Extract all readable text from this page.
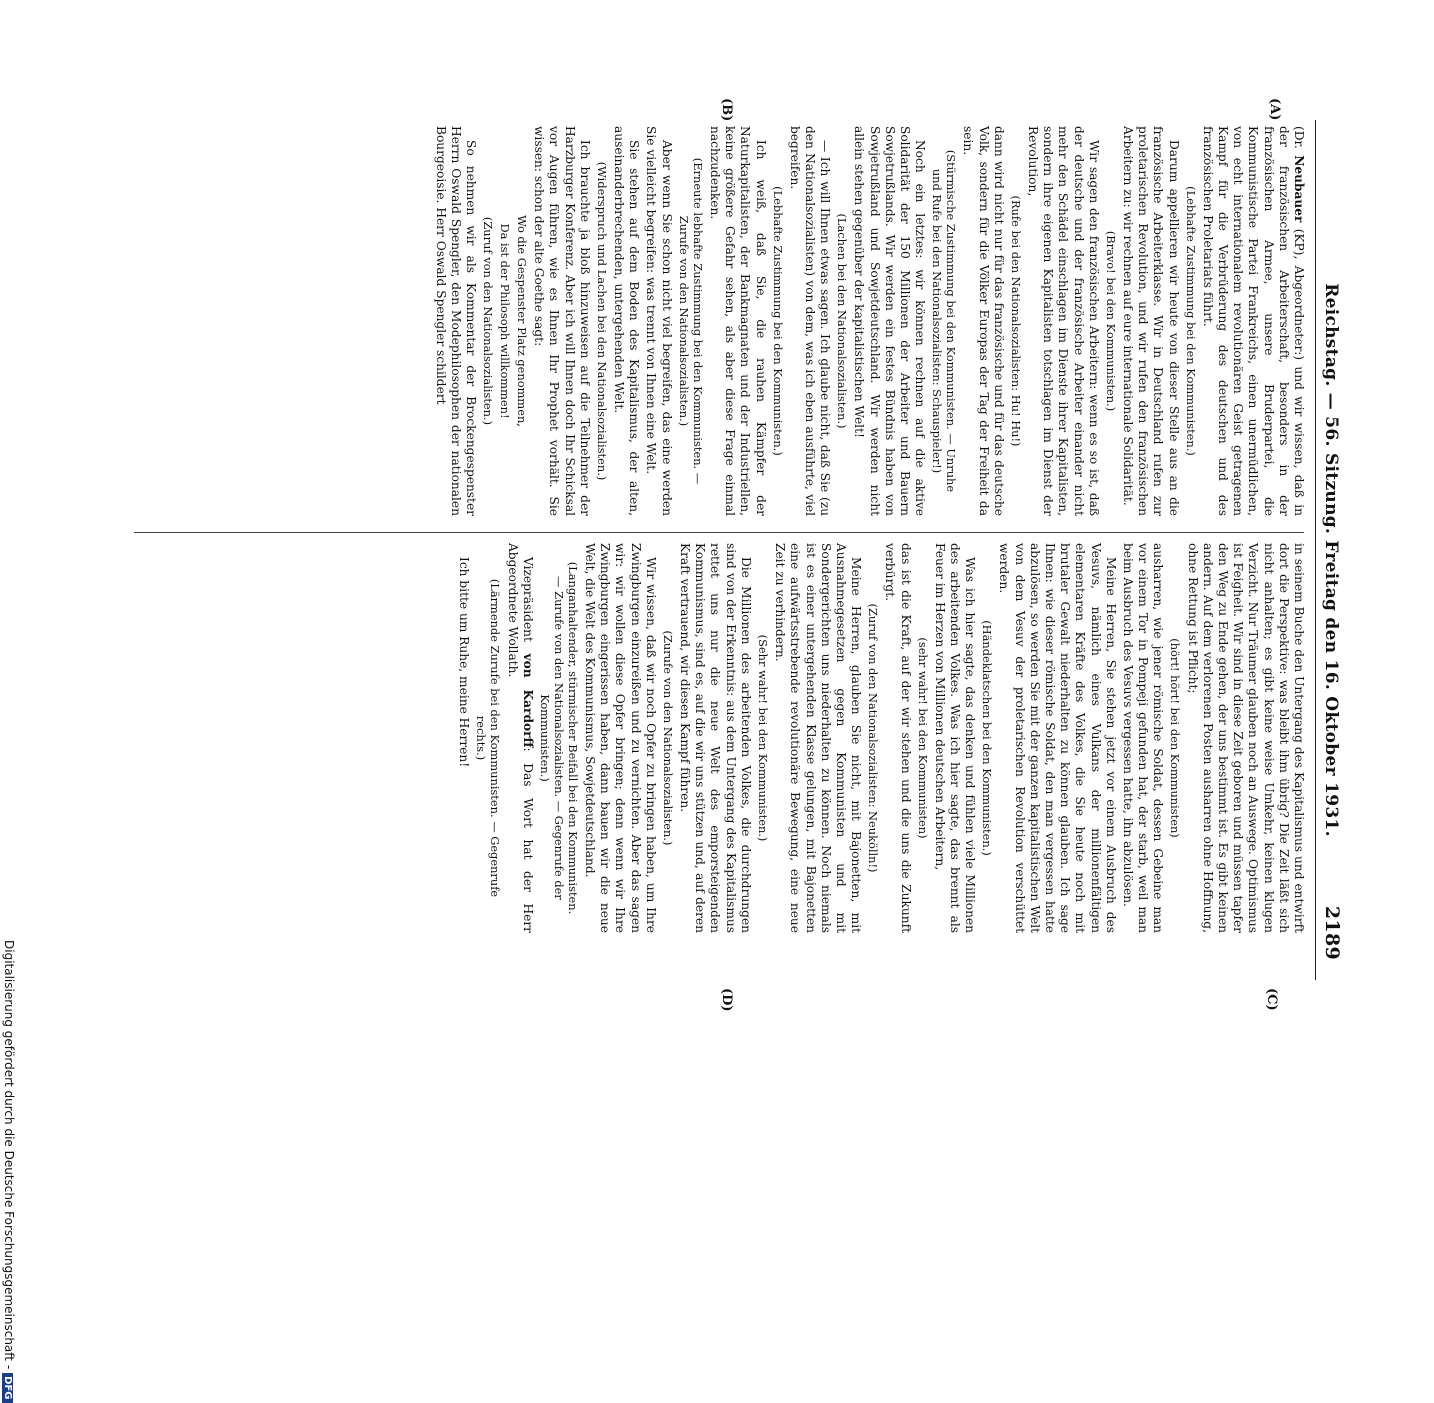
Reichstag. — 56. Sitzung. Freitag den 16. Oktober 1931.
2189
(A)
(B)
(C)
(D)

(Dr. Neubauer (KP), Abgeordneter:) und wir wissen, daß in der französischen Arbeiterschaft, besonders in der französischen Armee, unsere Bruderpartei, die Kommunistische Partei Frankreichs, einen unermüdlichen, von echt internationalem revolutionären Geist getragenen Kampf für die Verbrüderung des deutschen und des französischen Proletariats führt.

(Lebhafte Zustimmung bei den Kommunisten.)

Darum appellieren wir heute von dieser Stelle aus an die französische Arbeiterklasse. Wir in Deutschland rufen zur proletarischen Revolution, und wir rufen den französischen Arbeitern zu: wir rechnen auf eure internationale Solidarität.

(Bravo! bei den Kommunisten.)

Wir sagen den französischen Arbeitern: wenn es so ist, daß der deutsche und der französische Arbeiter einander nicht mehr den Schädel einschlagen im Dienste ihrer Kapitalisten, sondern ihre eigenen Kapitalisten totschlagen im Dienst der Revolution,

(Rufe bei den Nationalsozialisten: Hu! Hu!)

dann wird nicht nur für das französische und für das deutsche Volk, sondern für die Völker Europas der Tag der Freiheit da sein.

(Stürmische Zustimmung bei den Kommunisten. — Unruhe und Rufe bei den Nationalsozialisten: Schauspieler!)

Noch ein letztes: wir können rechnen auf die aktive Solidarität der 150 Millionen der Arbeiter und Bauern Sowjetrußlands. Wir werden ein festes Bündnis haben von Sowjetrußland und Sowjetdeutschland. Wir werden nicht allein stehen gegenüber der kapitalistischen Welt!

(Lachen bei den Nationalsozialisten.)

— Ich will Ihnen etwas sagen. Ich glaube nicht, daß Sie (zu den Nationalsozialisten) von dem, was ich eben ausführte, viel begreifen.

(Lebhafte Zustimmung bei den Kommunisten.)

Ich weiß, daß Sie, die rauhen Kämpfer der Naturkapitalisten, der Bankmagnaten und der Industriellen, keine größere Gefahr sehen, als aber diese Frage einmal nachzudenken.

(Erneute lebhafte Zustimmung bei den Kommunisten. — Zurufe von den Nationalsozialisten.)

Aber wenn Sie schon nicht viel begreifen, das eine werden Sie vielleicht begreifen: was trennt von Ihnen eine Welt.

Sie stehen auf dem Boden des Kapitalismus, der alten, auseinanderbrechenden, untergehenden Welt.

(Widerspruch und Lachen bei den Nationalsozialisten.)

Ich brauchte ja bloß hinzuweisen auf die Teilnehmer der Harzburger Konferenz. Aber ich will Ihnen doch Ihr Schicksal vor Augen führen, wie es Ihnen Ihr Prophet vorhält. Sie wissen: schon der alte Goethe sagt:

Wo die Gespenster Platz genommen,
Da ist der Philosoph willkommen!
(Zuruf von den Nationalsozialisten.)

So nehmen wir als Kommentar der Brockengespenster Herrn Oswald Spengler, den Modephilosophen der nationalen Bourgeoisie. Herr Oswald Spengler schildert

in seinem Buche den Untergang des Kapitalismus und entwirft dort die Perspektive: was bleibt ihm übrig? Die Zeit läßt sich nicht anhalten; es gibt keine weise Umkehr, keinen klugen Verzicht. Nur Träumer glauben noch an Auswege. Optimismus ist Feigheit. Wir sind in diese Zeit geboren und müssen tapfer den Weg zu Ende gehen, der uns bestimmt ist. Es gibt keinen andern. Auf dem verlorenen Posten ausharren ohne Hoffnung, ohne Rettung ist Pflicht;

(hört! hört! bei den Kommunisten)

ausharren, wie jener römische Soldat, dessen Gebeine man vor einem Tor in Pompeji gefunden hat, der starb, weil man beim Ausbruch des Vesuvs vergessen hatte, ihn abzulösen.

Meine Herren, Sie stehen jetzt vor einem Ausbruch des Vesuvs, nämlich eines Vulkans der millionenfältigen elementaren Kräfte des Volkes, die Sie heute noch mit brutaler Gewalt niederhalten zu können glauben. Ich sage Ihnen: wie dieser römische Soldat, den man vergessen hatte abzulösen, so werden Sie mit der ganzen kapitalistischen Welt von dem Vesuv der proletarischen Revolution verschüttet werden.

(Händeklatschen bei den Kommunisten.)

Was ich hier sagte, das denken und fühlen viele Millionen des arbeitenden Volkes. Was ich hier sagte, das brennt als Feuer im Herzen von Millionen deutschen Arbeitern,

(sehr wahr! bei den Kommunisten)

das ist die Kraft, auf der wir stehen und die uns die Zukunft verbürgt.

(Zuruf von den Nationalsozialisten: Neukölln!)

Meine Herren, glauben Sie nicht, mit Bajonetten, mit Ausnahmegesetzen gegen Kommunisten und mit Sondergerichten uns niederhalten zu können. Noch niemals ist es einer untergehenden Klasse gelungen, mit Bajonetten eine aufwärtsstrebende revolutionäre Bewegung, eine neue Zeit zu verhindern.

(Sehr wahr! bei den Kommunisten.)

Die Millionen des arbeitenden Volkes, die durchdrungen sind von der Erkenntnis: aus dem Untergang des Kapitalismus rettet uns nur die neue Welt des emporsteigenden Kommunismus, sind es, auf die wir uns stützen und, auf deren Kraft vertrauend, wir diesen Kampf führen.

(Zurufe von den Nationalsozialisten.)

Wir wissen, daß wir noch Opfer zu bringen haben, um Ihre Zwingburgen einzureißen und zu vernichten. Aber das sagen wir: wir wollen diese Opfer bringen; denn wenn wir Ihre Zwingburgen eingerissen haben, dann bauen wir die neue Welt, die Welt des Kommunismus, Sowjetdeutschland.

(Langanhaltender, stürmischer Beifall bei den Kommunisten. — Zurufe von den Nationalsozialisten. — Gegenrufe der Kommunisten.)

Vizepräsident von Kardorff: Das Wort hat der Herr Abgeordnete Wollath.

(Lärmende Zurufe bei den Kommunisten. — Gegenrufe rechts.)

Ich bitte um Ruhe, meine Herren!

Digitalisierung gefördert durch die Deutsche Forschungsgemeinschaft -DFG
